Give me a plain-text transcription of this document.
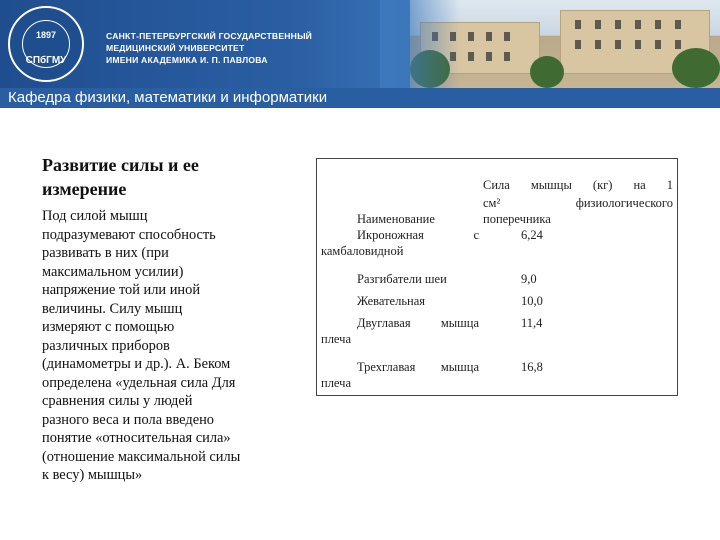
1897
СПбГМУ
САНКТ-ПЕТЕРБУРГСКИЙ ГОСУДАРСТВЕННЫЙ
МЕДИЦИНСКИЙ УНИВЕРСИТЕТ
ИМЕНИ АКАДЕМИКА И. П. ПАВЛОВА
Кафедра физики, математики и информатики
Развитие силы и ее
измерение
Под силой мышц
подразумевают способность
развивать в них (при
максимальном усилии)
напряжение той или иной
величины. Силу мышц
измеряют с помощью
различных приборов
(динамометры и др.). А. Беком
определена «удельная сила Для
сравнения силы у людей
разного веса и пола введено
понятие «относительная сила»
(отношение максимальной силы
к весу) мышцы»
Сила мышцы (кг) на 1
см² физиологического
поперечника
Наименование
Икроножная с
камбаловидной
6,24
Разгибатели шеи	9,0
Жевательная	10,0
Двуглавая мышца
плеча
11,4
Трехглавая мышца
плеча
16,8
